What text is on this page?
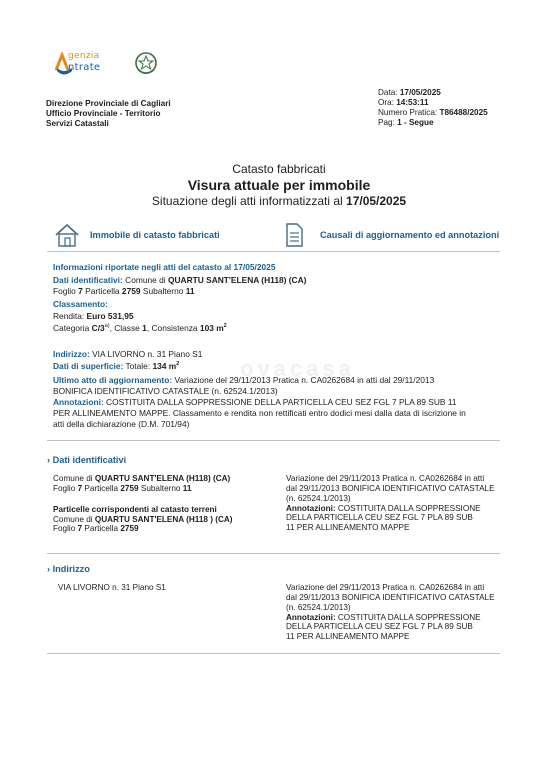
genzia
ntrate
Direzione Provinciale di Cagliari
Ufficio Provinciale - Territorio
Servizi Catastali
Data: 17/05/2025
Ora: 14:53:11
Numero Pratica: T86488/2025
Pag: 1 - Segue
Catasto fabbricati
Visura attuale per immobile
Situazione degli atti informatizzati al 17/05/2025
Immobile di catasto fabbricati	Causali di aggiornamento ed annotazioni
Informazioni riportate negli atti del catasto al 17/05/2025
Dati identificativi: Comune di QUARTU SANT'ELENA (H118) (CA)
Foglio 7 Particella 2759 Subalterno 11
Classamento:
Rendita: Euro 531,95
Categoria C/3$^{a)}$, Classe 1, Consistenza 103 $m^2$
Indirizzo: VIA LIVORNO n. 31 Piano S1
Dati di superficie: Totale: 134 $m^2$
Ultimo atto di aggiornamento: Variazione del 29/11/2013 Pratica n. CA0262684 in atti dal 29/11/2013
BONIFICA IDENTIFICATIVO CATASTALE (n. 62524.1/2013)
Annotazioni: COSTITUITA DALLA SOPPRESSIONE DELLA PARTICELLA CEU SEZ FGL 7 PLA 89 SUB 11
PER ALLINEAMENTO MAPPE. Classamento e rendita non rettificati entro dodici mesi dalla data di iscrizione in
atti della dichiarazione (D.M. 701/94)
ovacasa
› Dati identificativi
Comune di QUARTU SANT'ELENA (H118) (CA)
Foglio 7 Particella 2759 Subalterno 11
Particelle corrispondenti al catasto terreni
Comune di QUARTU SANT'ELENA (H118 ) (CA)
Foglio 7 Particella 2759
Variazione del 29/11/2013 Pratica n. CA0262684 in atti
dal 29/11/2013 BONIFICA IDENTIFICATIVO CATASTALE
(n. 62524.1/2013)
Annotazioni: COSTITUITA DALLA SOPPRESSIONE
DELLA PARTICELLA CEU SEZ FGL 7 PLA 89 SUB
11 PER ALLINEAMENTO MAPPE
› Indirizzo
VIA LIVORNO n. 31 Piano S1	Variazione del 29/11/2013 Pratica n. CA0262684 in atti
dal 29/11/2013 BONIFICA IDENTIFICATIVO CATASTALE
(n. 62524.1/2013)
Annotazioni: COSTITUITA DALLA SOPPRESSIONE
DELLA PARTICELLA CEU SEZ FGL 7 PLA 89 SUB
11 PER ALLINEAMENTO MAPPE
